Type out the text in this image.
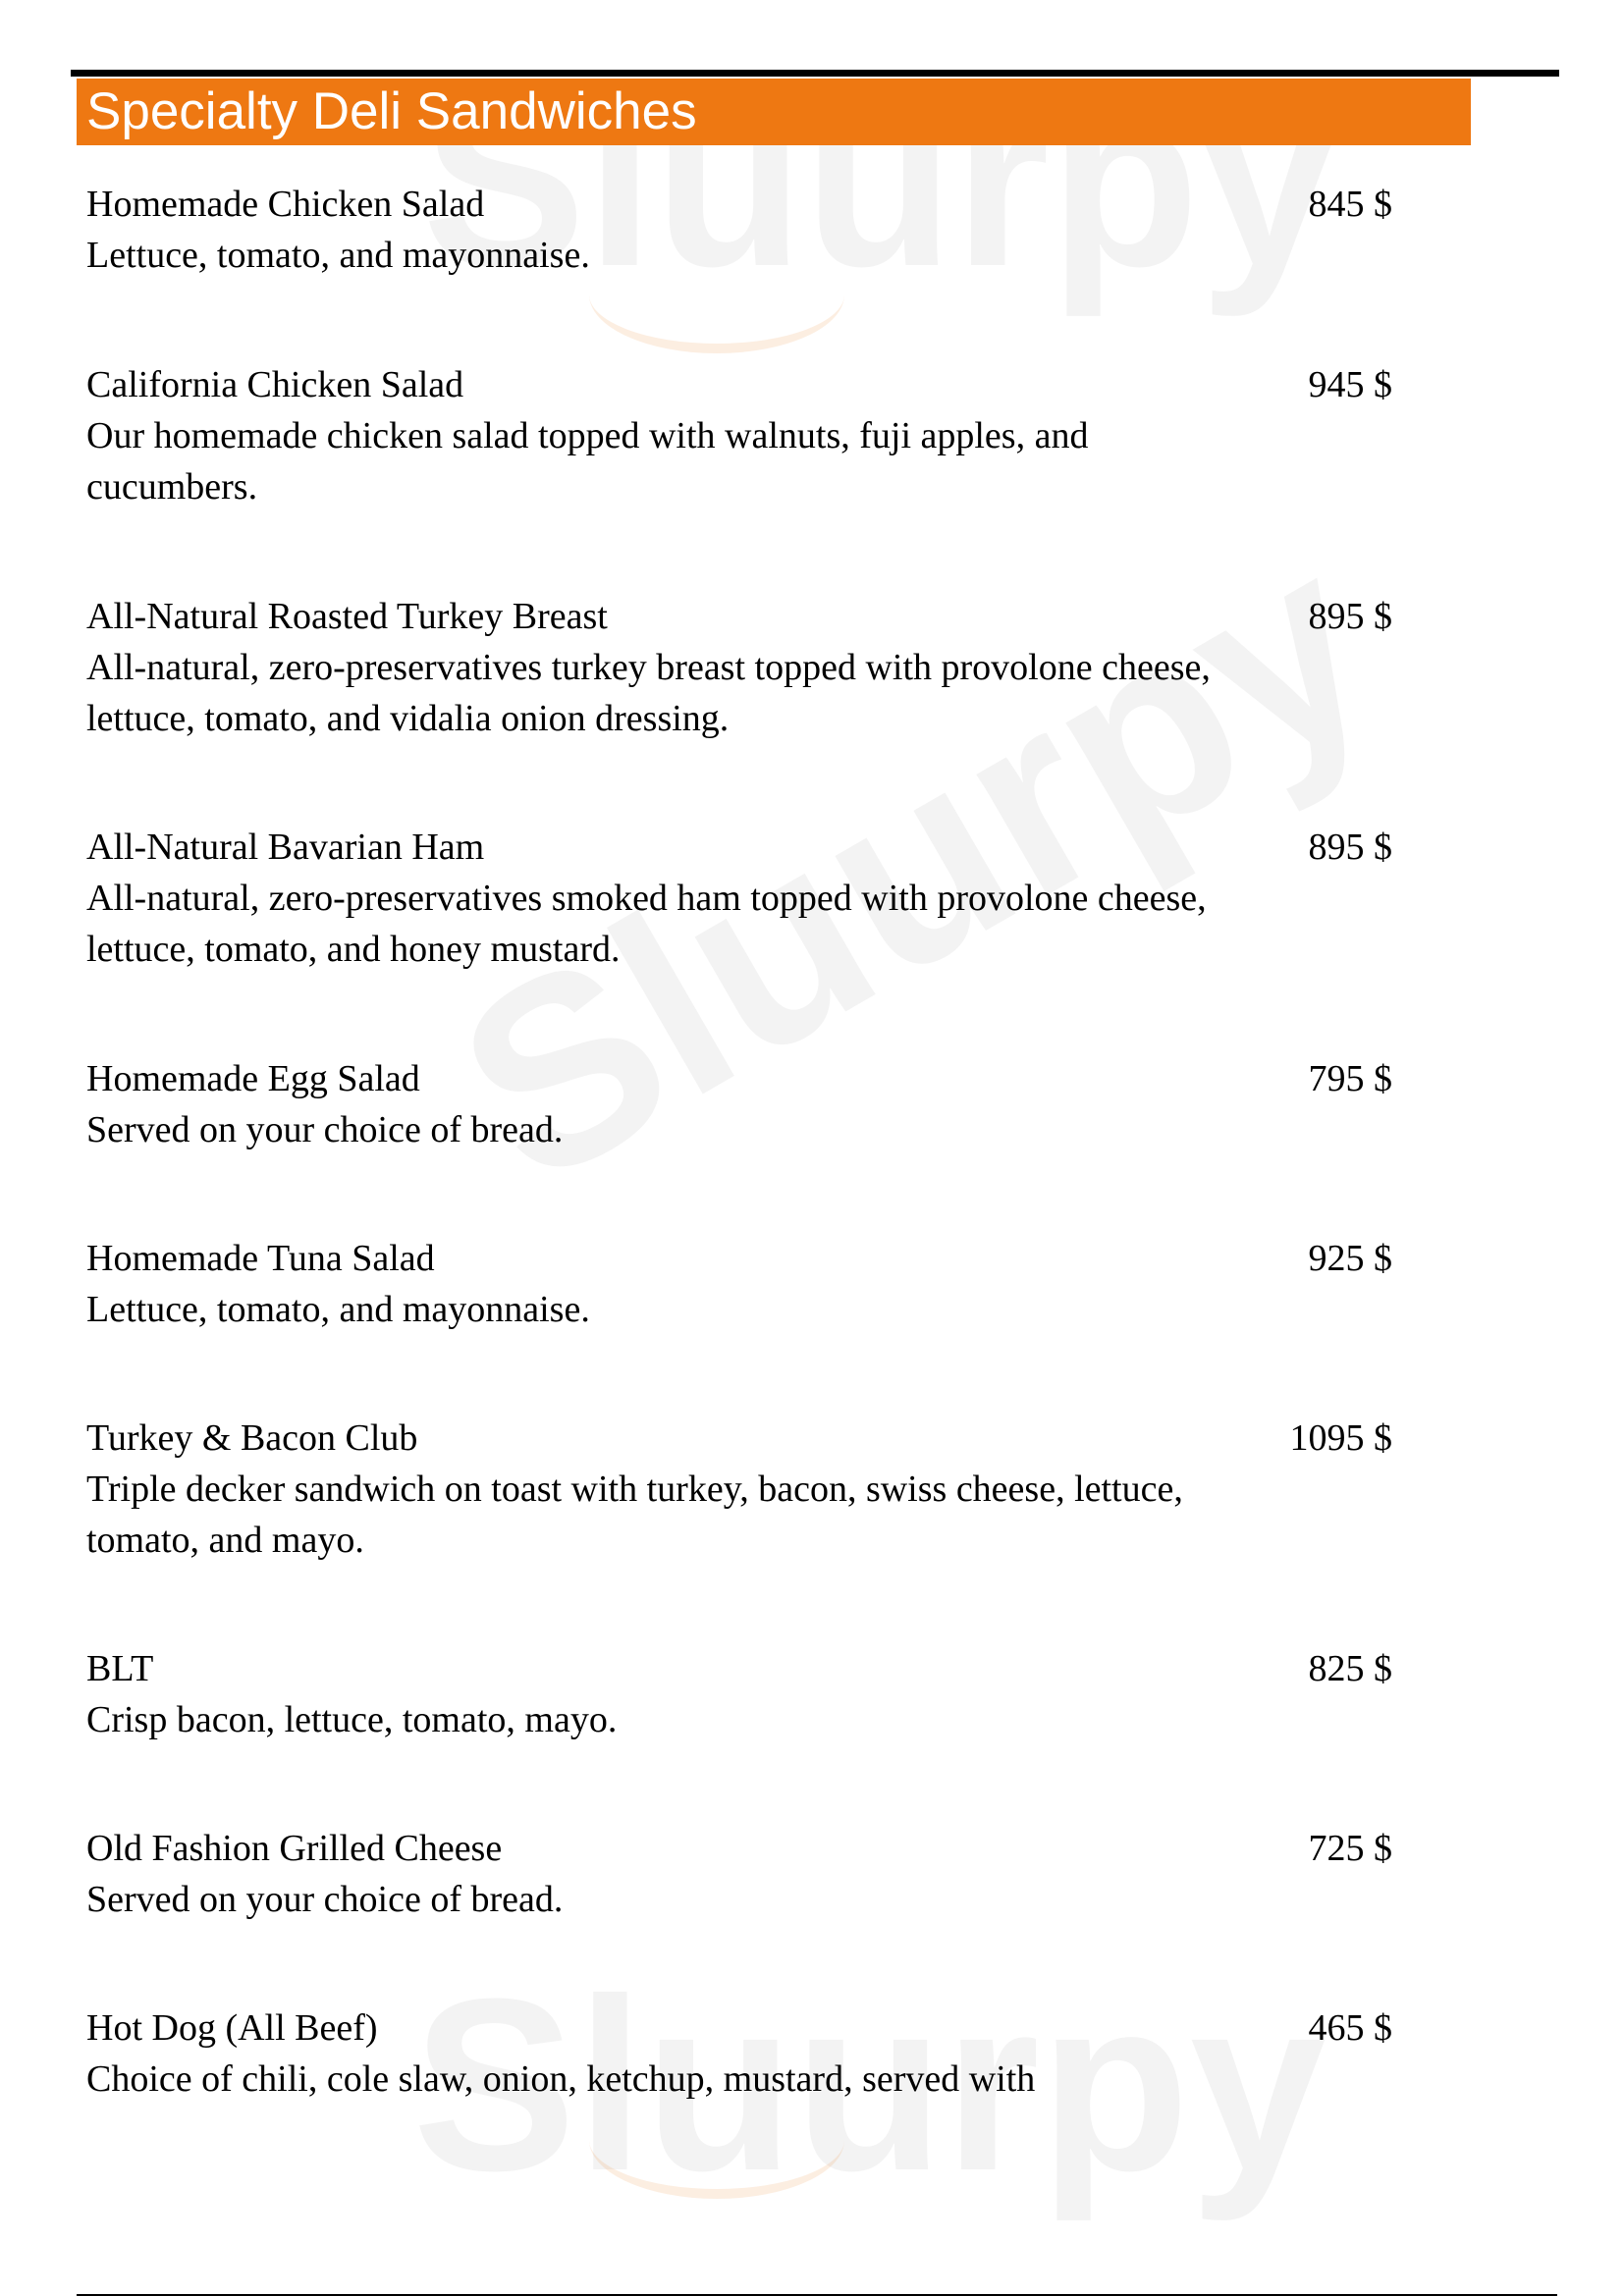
Specialty Deli Sandwiches
Homemade Chicken Salad	845 $
Lettuce, tomato, and mayonnaise.
California Chicken Salad	945 $
Our homemade chicken salad topped with walnuts, fuji apples, and cucumbers.
All-Natural Roasted Turkey Breast	895 $
All-natural, zero-preservatives turkey breast topped with provolone cheese, lettuce, tomato, and vidalia onion dressing.
All-Natural Bavarian Ham	895 $
All-natural, zero-preservatives smoked ham topped with provolone cheese, lettuce, tomato, and honey mustard.
Homemade Egg Salad	795 $
Served on your choice of bread.
Homemade Tuna Salad	925 $
Lettuce, tomato, and mayonnaise.
Turkey & Bacon Club	1095 $
Triple decker sandwich on toast with turkey, bacon, swiss cheese, lettuce, tomato, and mayo.
BLT	825 $
Crisp bacon, lettuce, tomato, mayo.
Old Fashion Grilled Cheese	725 $
Served on your choice of bread.
Hot Dog (All Beef)	465 $
Choice of chili, cole slaw, onion, ketchup, mustard, served with
